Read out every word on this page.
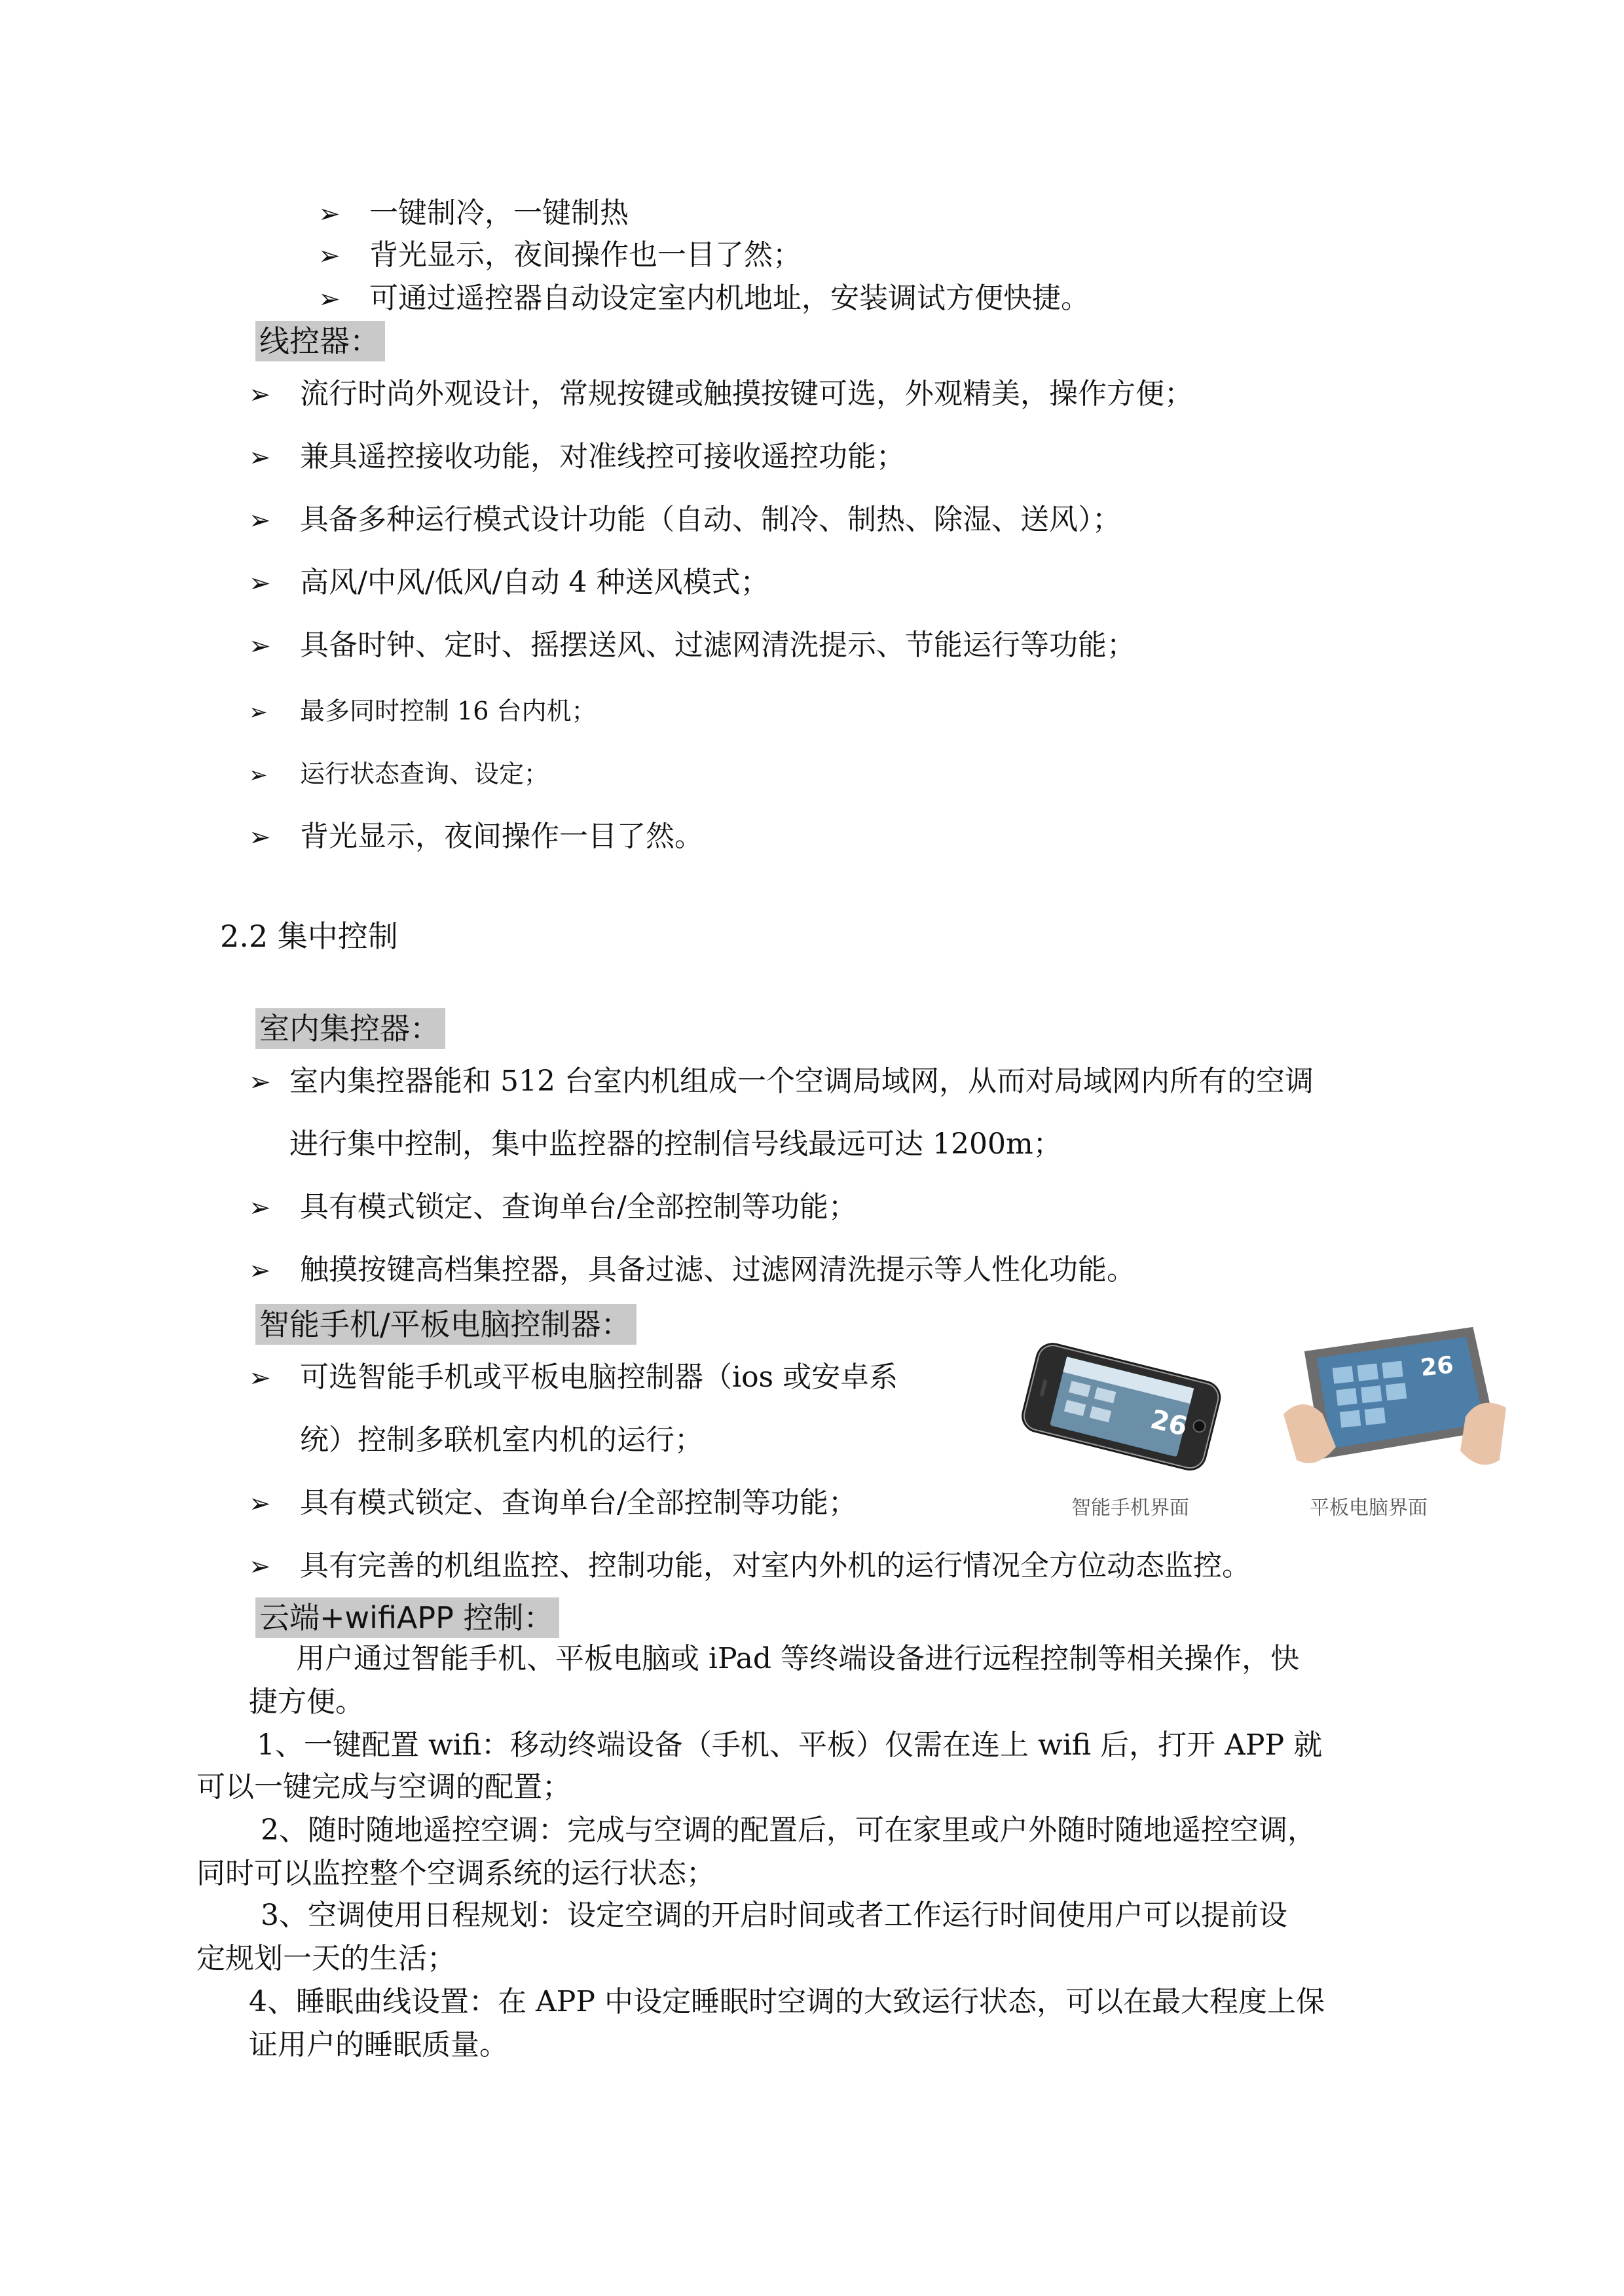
➢ 一键制冷，一键制热
➢ 背光显示，夜间操作也一目了然；
➢ 可通过遥控器自动设定室内机地址，安装调试方便快捷。
线控器：
➢ 流行时尚外观设计，常规按键或触摸按键可选，外观精美，操作方便；
➢ 兼具遥控接收功能，对准线控可接收遥控功能；
➢ 具备多种运行模式设计功能（自动、制冷、制热、除湿、送风）；
➢ 高风/中风/低风/自动 4 种送风模式；
➢ 具备时钟、定时、摇摆送风、过滤网清洗提示、节能运行等功能；
➢ 最多同时控制 16 台内机；
➢ 运行状态查询、设定；
➢ 背光显示，夜间操作一目了然。
2.2 集中控制
室内集控器：
➢ 室内集控器能和 512 台室内机组成一个空调局域网，从而对局域网内所有的空调
进行集中控制，集中监控器的控制信号线最远可达 1200m；
➢ 具有模式锁定、查询单台/全部控制等功能；
➢ 触摸按键高档集控器，具备过滤、过滤网清洗提示等人性化功能。
智能手机/平板电脑控制器：
➢ 可选智能手机或平板电脑控制器（ios 或安卓系
统）控制多联机室内机的运行；
➢ 具有模式锁定、查询单台/全部控制等功能；
➢ 具有完善的机组监控、控制功能，对室内外机的运行情况全方位动态监控。
26
智能手机界面
26
平板电脑界面
云端+wifiAPP 控制：
用户通过智能手机、平板电脑或 iPad 等终端设备进行远程控制等相关操作，快
捷方便。
1、一键配置 wifi：移动终端设备（手机、平板）仅需在连上 wifi 后，打开 APP 就
可以一键完成与空调的配置；
2、随时随地遥控空调：完成与空调的配置后，可在家里或户外随时随地遥控空调，
同时可以监控整个空调系统的运行状态；
3、空调使用日程规划：设定空调的开启时间或者工作运行时间使用户可以提前设
定规划一天的生活；
4、睡眠曲线设置：在 APP 中设定睡眠时空调的大致运行状态，可以在最大程度上保
证用户的睡眠质量。
